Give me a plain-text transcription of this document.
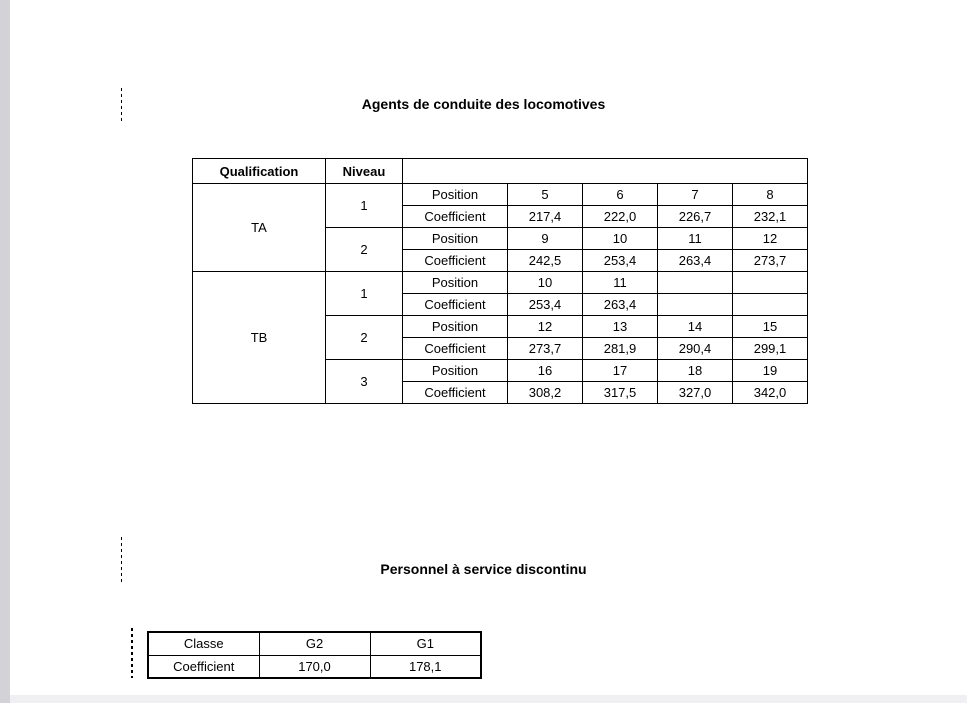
Agents de conduite des locomotives
Qualification	Niveau					
TA	1	Position	5	6	7	8
		Coefficient	217,4	222,0	226,7	232,1
	2	Position	9	10	11	12
		Coefficient	242,5	253,4	263,4	273,7
TB	1	Position	10	11		
		Coefficient	253,4	263,4		
	2	Position	12	13	14	15
		Coefficient	273,7	281,9	290,4	299,1
	3	Position	16	17	18	19
		Coefficient	308,2	317,5	327,0	342,0
Personnel à service discontinu
Classe	G2	G1
Coefficient	170,0	178,1
